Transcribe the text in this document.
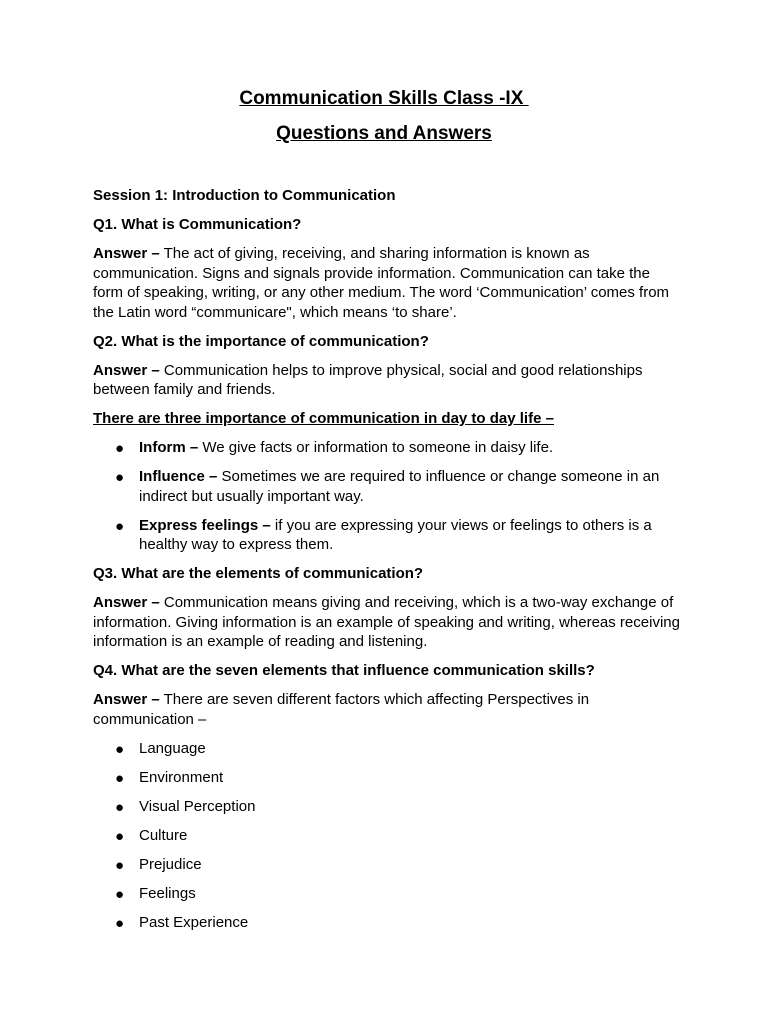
Communication Skills Class -IX
Questions and Answers

Session 1: Introduction to Communication

Q1. What is Communication?

Answer – The act of giving, receiving, and sharing information is known as communication. Signs and signals provide information. Communication can take the form of speaking, writing, or any other medium. The word ‘Communication’ comes from the Latin word “communicare", which means ‘to share’.

Q2. What is the importance of communication?

Answer – Communication helps to improve physical, social and good relationships between family and friends.

There are three importance of communication in day to day life –

● Inform – We give facts or information to someone in daisy life.
● Influence – Sometimes we are required to influence or change someone in an indirect but usually important way.
● Express feelings – if you are expressing your views or feelings to others is a healthy way to express them.

Q3. What are the elements of communication?

Answer – Communication means giving and receiving, which is a two-way exchange of information. Giving information is an example of speaking and writing, whereas receiving information is an example of reading and listening.

Q4. What are the seven elements that influence communication skills?

Answer – There are seven different factors which affecting Perspectives in communication –

● Language
● Environment
● Visual Perception
● Culture
● Prejudice
● Feelings
● Past Experience
